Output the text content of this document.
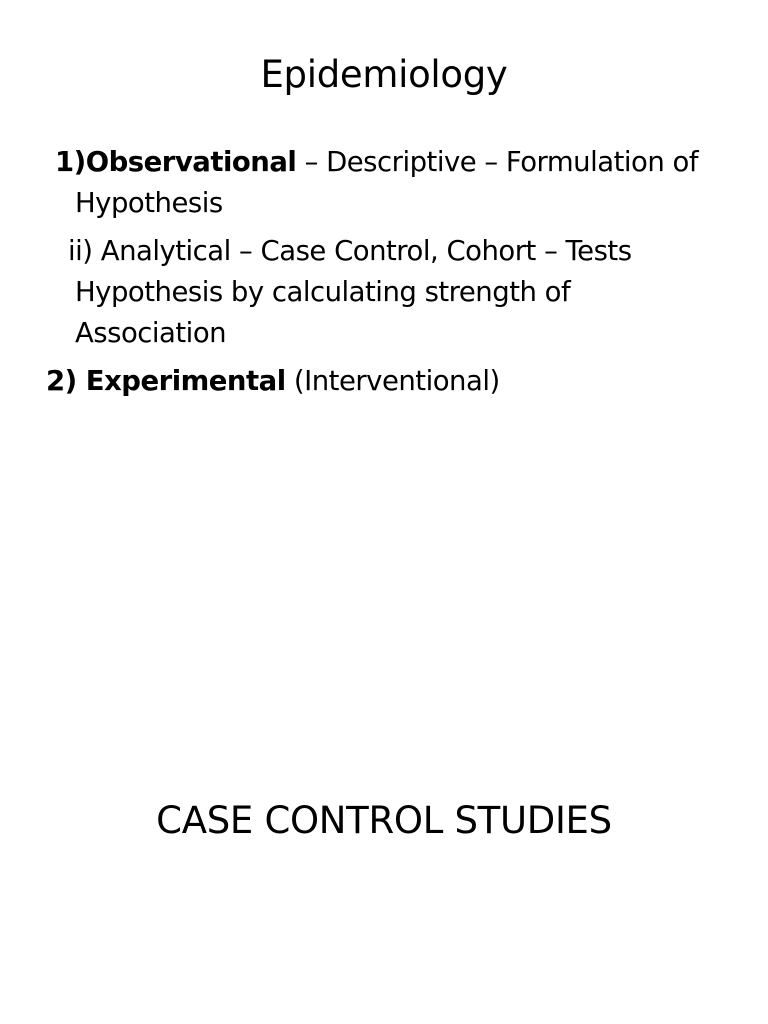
Epidemiology
1)Observational – Descriptive – Formulation of
Hypothesis
ii) Analytical – Case Control, Cohort – Tests
Hypothesis by calculating strength of
Association
2) Experimental (Interventional)
CASE CONTROL STUDIES
